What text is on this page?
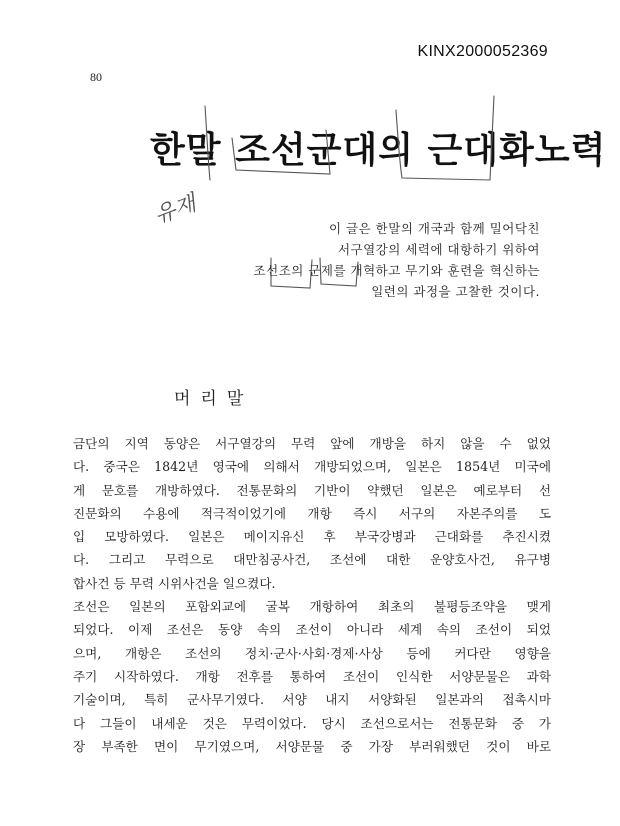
KINX2000052369
80
한말 조선군대의 근대화노력
유재	이 글은 한말의 개국과 함께 밀어닥친
서구열강의 세력에 대항하기 위하여
조선조의 군제를 개혁하고 무기와 훈련을 혁신하는
일련의 과정을 고찰한 것이다.
머리말
금단의 지역 동양은 서구열강의 무력 앞에 개방을 하지 않을 수 없었
다. 중국은 1842년 영국에 의해서 개방되었으며, 일본은 1854년 미국에
게 문호를 개방하였다. 전통문화의 기반이 약했던 일본은 예로부터 선
진문화의 수용에 적극적이었기에 개항 즉시 서구의 자본주의를 도
입 모방하였다. 일본은 메이지유신 후 부국강병과 근대화를 추진시켰
다. 그리고 무력으로 대만침공사건, 조선에 대한 운양호사건, 유구병
합사건 등 무력 시위사건을 일으켰다.
조선은 일본의 포함외교에 굴복 개항하여 최초의 불평등조약을 맺게
되었다. 이제 조선은 동양 속의 조선이 아니라 세계 속의 조선이 되었
으며, 개항은 조선의 정치·군사·사회·경제·사상 등에 커다란 영향을
주기 시작하였다. 개항 전후를 통하여 조선이 인식한 서양문물은 과학
기술이며, 특히 군사무기였다. 서양 내지 서양화된 일본과의 접촉시마
다 그들이 내세운 것은 무력이었다. 당시 조선으로서는 전통문화 중 가
장 부족한 면이 무기였으며, 서양문물 중 가장 부러워했던 것이 바로
